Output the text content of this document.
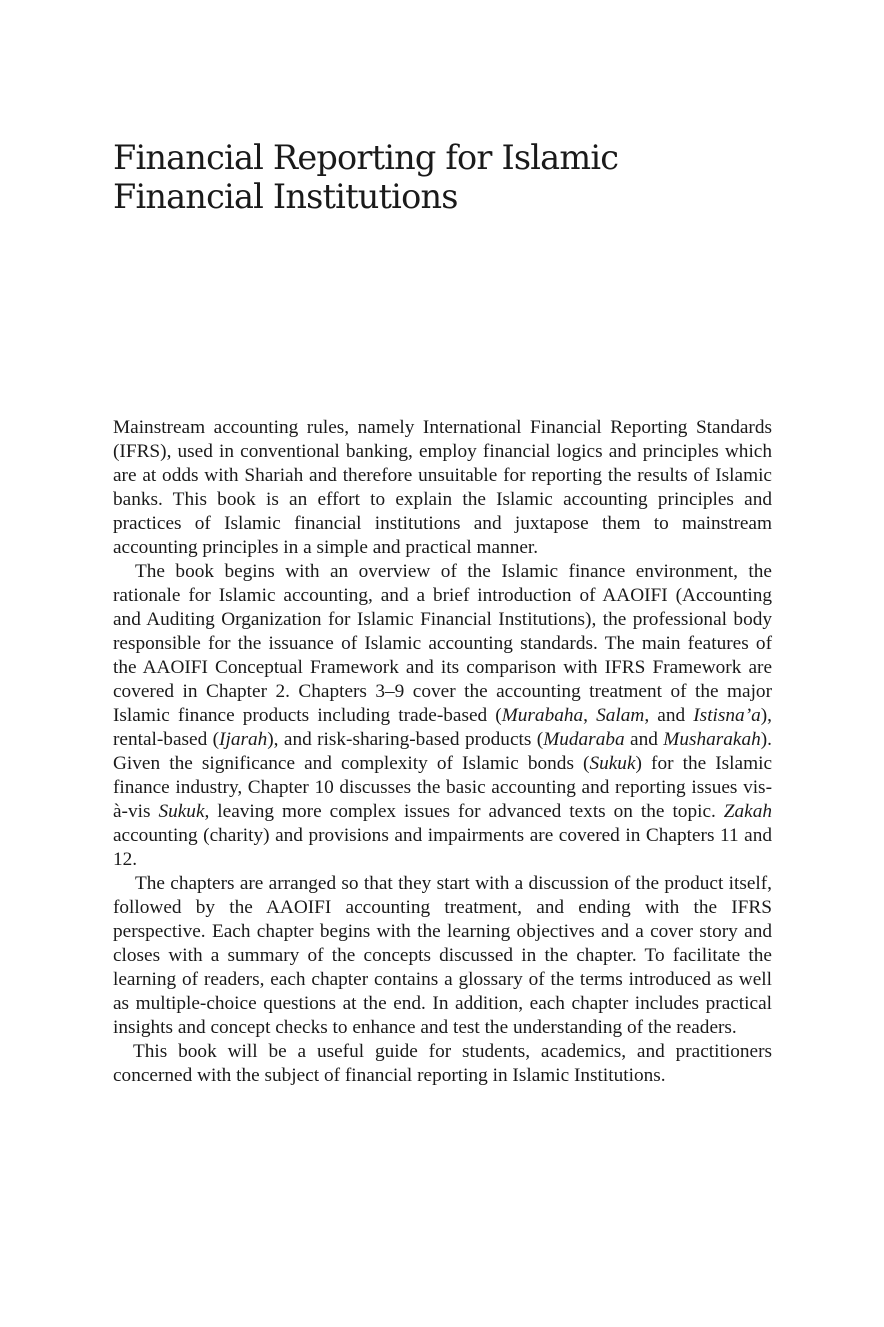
Financial Reporting for Islamic
Financial Institutions

Mainstream accounting rules, namely International Financial Reporting Standards (IFRS), used in conventional banking, employ financial logics and principles which are at odds with Shariah and therefore unsuitable for reporting the results of Islamic banks. This book is an effort to explain the Islamic accounting principles and practices of Islamic financial institutions and juxtapose them to mainstream accounting principles in a simple and practical manner.

The book begins with an overview of the Islamic finance environment, the rationale for Islamic accounting, and a brief introduction of AAOIFI (Accounting and Auditing Organization for Islamic Financial Institutions), the professional body responsible for the issuance of Islamic accounting standards. The main features of the AAOIFI Conceptual Framework and its comparison with IFRS Framework are covered in Chapter 2. Chapters 3–9 cover the accounting treatment of the major Islamic finance products including trade-based (Murabaha, Salam, and Istisna’a), rental-based (Ijarah), and risk-sharing-based products (Mudaraba and Musharakah). Given the significance and complexity of Islamic bonds (Sukuk) for the Islamic finance industry, Chapter 10 discusses the basic accounting and reporting issues vis-à-vis Sukuk, leaving more complex issues for advanced texts on the topic. Zakah accounting (charity) and provisions and impairments are covered in Chapters 11 and 12.

The chapters are arranged so that they start with a discussion of the product itself, followed by the AAOIFI accounting treatment, and ending with the IFRS perspective. Each chapter begins with the learning objectives and a cover story and closes with a summary of the concepts discussed in the chapter. To facilitate the learning of readers, each chapter contains a glossary of the terms introduced as well as multiple-choice questions at the end. In addition, each chapter includes practical insights and concept checks to enhance and test the understanding of the readers.

This book will be a useful guide for students, academics, and practitioners concerned with the subject of financial reporting in Islamic Institutions.
